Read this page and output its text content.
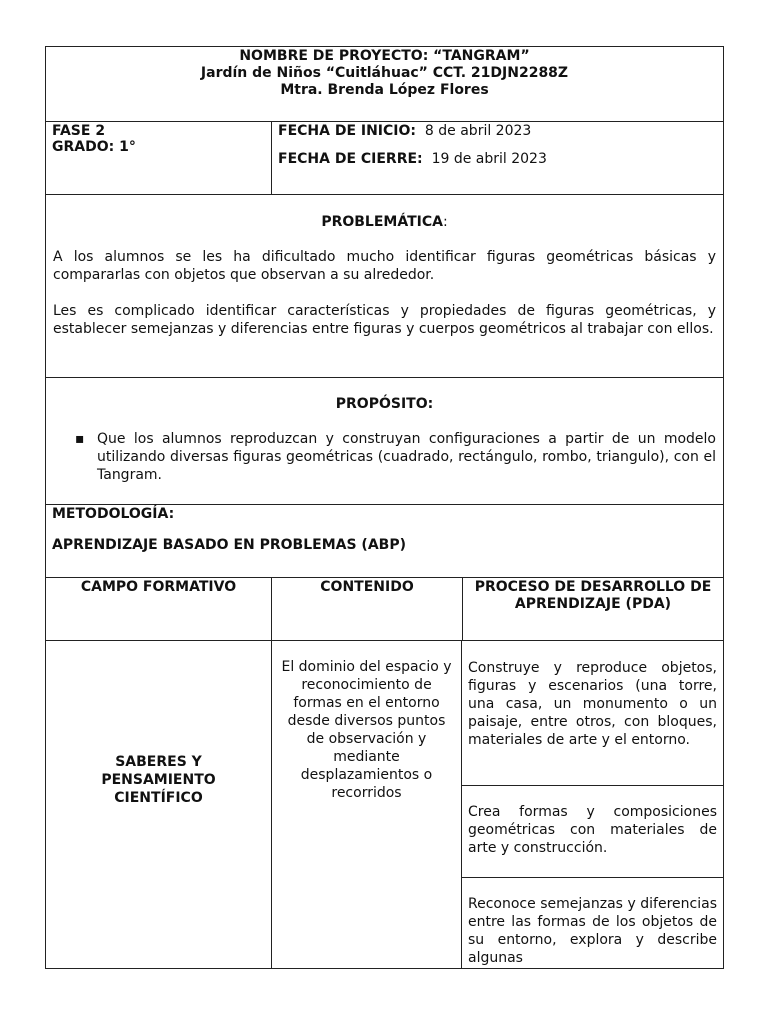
NOMBRE DE PROYECTO: “TANGRAM”
Jardín de Niños “Cuitláhuac” CCT. 21DJN2288Z
Mtra. Brenda López Flores
FASE 2
GRADO: 1°
FECHA DE INICIO: 8 de abril 2023
FECHA DE CIERRE: 19 de abril 2023
PROBLEMÁTICA:

A los alumnos se les ha dificultado mucho identificar figuras geométricas básicas y compararlas con objetos que observan a su alrededor.

Les es complicado identificar características y propiedades de figuras geométricas, y establecer semejanzas y diferencias entre figuras y cuerpos geométricos al trabajar con ellos.

PROPÓSITO:
▪ Que los alumnos reproduzcan y construyan configuraciones a partir de un modelo utilizando diversas figuras geométricas (cuadrado, rectángulo, rombo, triangulo), con el Tangram.
METODOLOGÍA:
APRENDIZAJE BASADO EN PROBLEMAS (ABP)
CAMPO FORMATIVO	CONTENIDO	PROCESO DE DESARROLLO DE APRENDIZAJE (PDA)
SABERES Y PENSAMIENTO CIENTÍFICO
El dominio del espacio y reconocimiento de formas en el entorno desde diversos puntos de observación y mediante desplazamientos o recorridos
Construye y reproduce objetos, figuras y escenarios (una torre, una casa, un monumento o un paisaje, entre otros, con bloques, materiales de arte y el entorno.
Crea formas y composiciones geométricas con materiales de arte y construcción.
Reconoce semejanzas y diferencias entre las formas de los objetos de su entorno, explora y describe algunas
